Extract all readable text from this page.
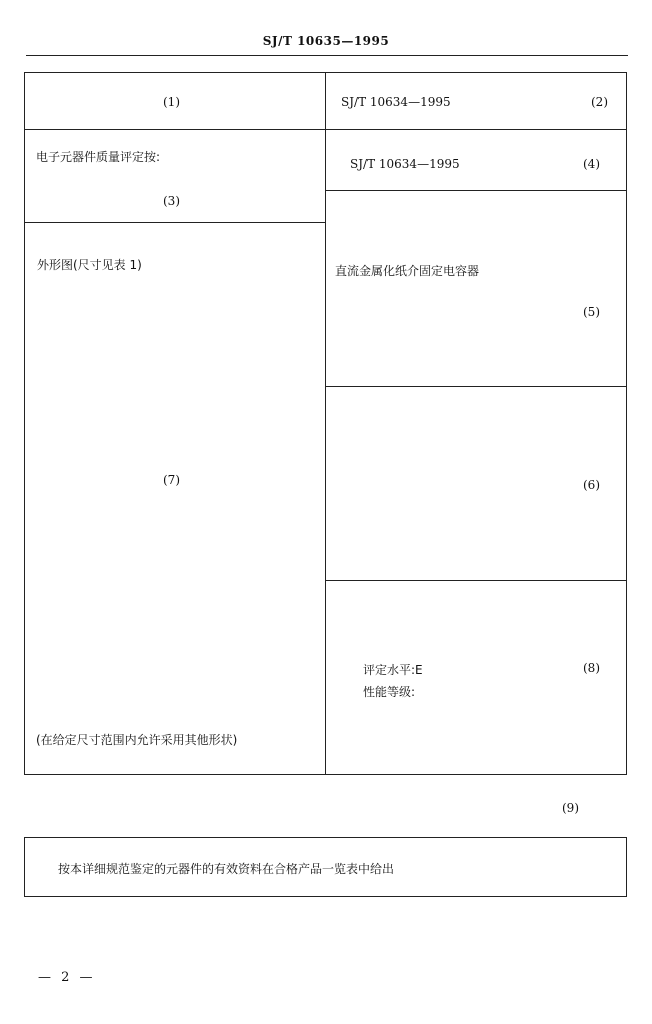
SJ/T 10635—1995
(1)	SJ/T 10634—1995	(2)
电子元器件质量评定按:
(3)
SJ/T 10634—1995	(4)
外形图(尺寸见表 1)
(7)
(在给定尺寸范围内允许采用其他形状)
直流金属化纸介固定电容器
(5)
(6)
评定水平:E
性能等级:
(8)
(9)
按本详细规范鉴定的元器件的有效资料在合格产品一览表中给出
— 2 —
